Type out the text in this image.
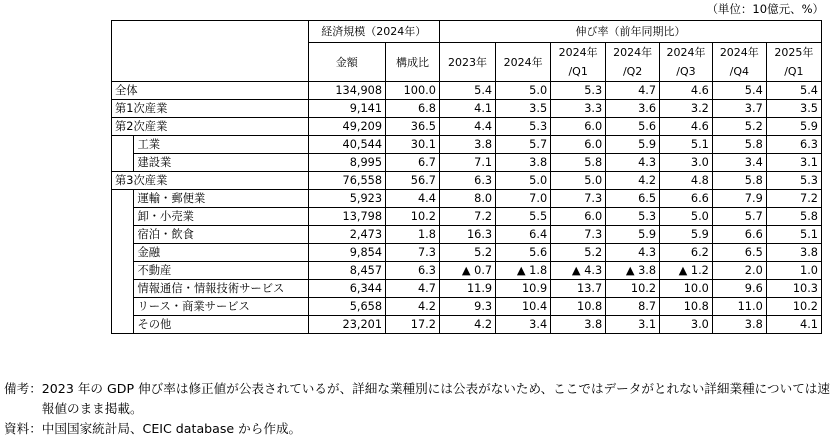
（単位：10億元、%）
		経済規模（2024年）		伸び率（前年同期比）						
		金額	構成比	2023年	2024年	2024年	2024年	2024年	2024年	2025年
						/Q1	/Q2	/Q3	/Q4	/Q1
全体		134,908	100.0	5.4	5.0	5.3	4.7	4.6	5.4	5.4
第1次産業		9,141	6.8	4.1	3.5	3.3	3.6	3.2	3.7	3.5
第2次産業		49,209	36.5	4.4	5.3	6.0	5.6	4.6	5.2	5.9
	工業	40,544	30.1	3.8	5.7	6.0	5.9	5.1	5.8	6.3
	建設業	8,995	6.7	7.1	3.8	5.8	4.3	3.0	3.4	3.1
第3次産業		76,558	56.7	6.3	5.0	5.0	4.2	4.8	5.8	5.3
	運輸・郵便業	5,923	4.4	8.0	7.0	7.3	6.5	6.6	7.9	7.2
	卸・小売業	13,798	10.2	7.2	5.5	6.0	5.3	5.0	5.7	5.8
	宿泊・飲食	2,473	1.8	16.3	6.4	7.3	5.9	5.9	6.6	5.1
	金融	9,854	7.3	5.2	5.6	5.2	4.3	6.2	6.5	3.8
	不動産	8,457	6.3	▲ 0.7	▲ 1.8	▲ 4.3	▲ 3.8	▲ 1.2	2.0	1.0
	情報通信・情報技術サービス	6,344	4.7	11.9	10.9	13.7	10.2	10.0	9.6	10.3
	リース・商業サービス	5,658	4.2	9.3	10.4	10.8	8.7	10.8	11.0	10.2
	その他	23,201	17.2	4.2	3.4	3.8	3.1	3.0	3.8	4.1
備考： 2023 年の GDP 伸び率は修正値が公表されているが、詳細な業種別には公表がないため、ここではデータがとれない詳細業種については速報値のまま掲載。
資料： 中国国家統計局、CEIC database から作成。
